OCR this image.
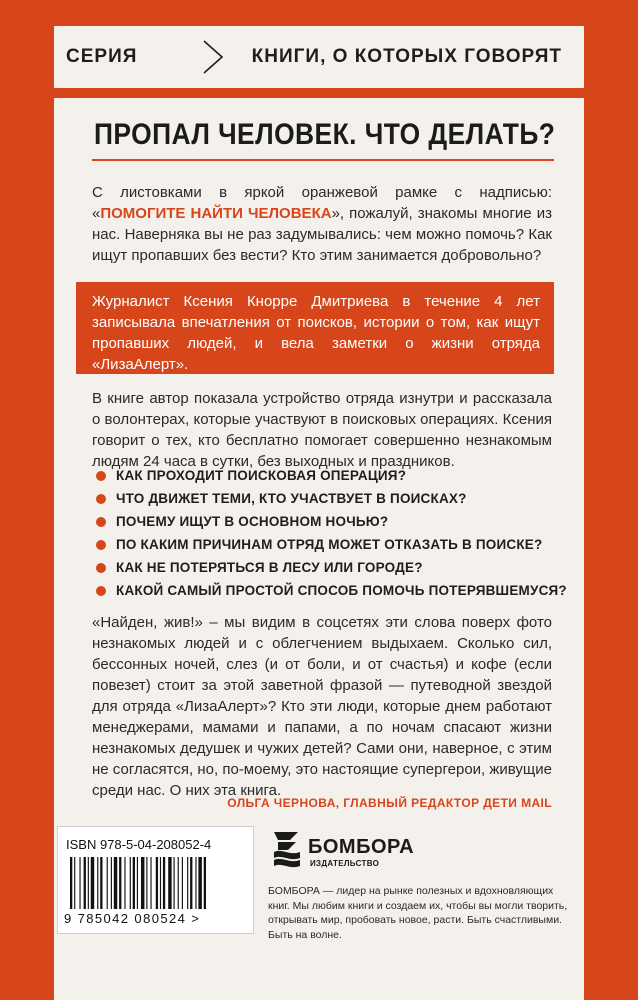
СЕРИЯ	КНИГИ, О КОТОРЫХ ГОВОРЯТ
ПРОПАЛ ЧЕЛОВЕК. ЧТО ДЕЛАТЬ?

С листовками в яркой оранжевой рамке с надписью: «ПОМОГИТЕ НАЙТИ ЧЕЛОВЕКА», пожалуй, знакомы многие из нас. Наверняка вы не раз задумывались: чем можно помочь? Как ищут пропавших без вести? Кто этим занимается добровольно?

Журналист Ксения Кнорре Дмитриева в течение 4 лет записывала впечатления от поисков, истории о том, как ищут пропавших людей, и вела заметки о жизни отряда «ЛизаАлерт».

В книге автор показала устройство отряда изнутри и рассказала о волонтерах, которые участвуют в поисковых операциях. Ксения говорит о тех, кто бесплатно помогает совершенно незнакомым людям 24 часа в сутки, без выходных и праздников.

КАК ПРОХОДИТ ПОИСКОВАЯ ОПЕРАЦИЯ?
ЧТО ДВИЖЕТ ТЕМИ, КТО УЧАСТВУЕТ В ПОИСКАХ?
ПОЧЕМУ ИЩУТ В ОСНОВНОМ НОЧЬЮ?
ПО КАКИМ ПРИЧИНАМ ОТРЯД МОЖЕТ ОТКАЗАТЬ В ПОИСКЕ?
КАК НЕ ПОТЕРЯТЬСЯ В ЛЕСУ ИЛИ ГОРОДЕ?
КАКОЙ САМЫЙ ПРОСТОЙ СПОСОБ ПОМОЧЬ ПОТЕРЯВШЕМУСЯ?

«Найден, жив!» – мы видим в соцсетях эти слова поверх фото незнакомых людей и с облегчением выдыхаем. Сколько сил, бессонных ночей, слез (и от боли, и от счастья) и кофе (если повезет) стоит за этой заветной фразой — путеводной звездой для отряда «ЛизаАлерт»? Кто эти люди, которые днем работают менеджерами, мамами и папами, а по ночам спасают жизни незнакомых дедушек и чужих детей? Сами они, наверное, с этим не согласятся, но, по-моему, это настоящие супергерои, живущие среди нас. О них эта книга.

ОЛЬГА ЧЕРНОВА, ГЛАВНЫЙ РЕДАКТОР ДЕТИ MAIL
ISBN 978-5-04-208052-4
9 785042 080524 >
БОМБОРА
ИЗДАТЕЛЬСТВО

БОМБОРА — лидер на рынке полезных и вдохновляющих книг. Мы любим книги и создаем их, чтобы вы могли творить, открывать мир, пробовать новое, расти. Быть счастливыми. Быть на волне.
